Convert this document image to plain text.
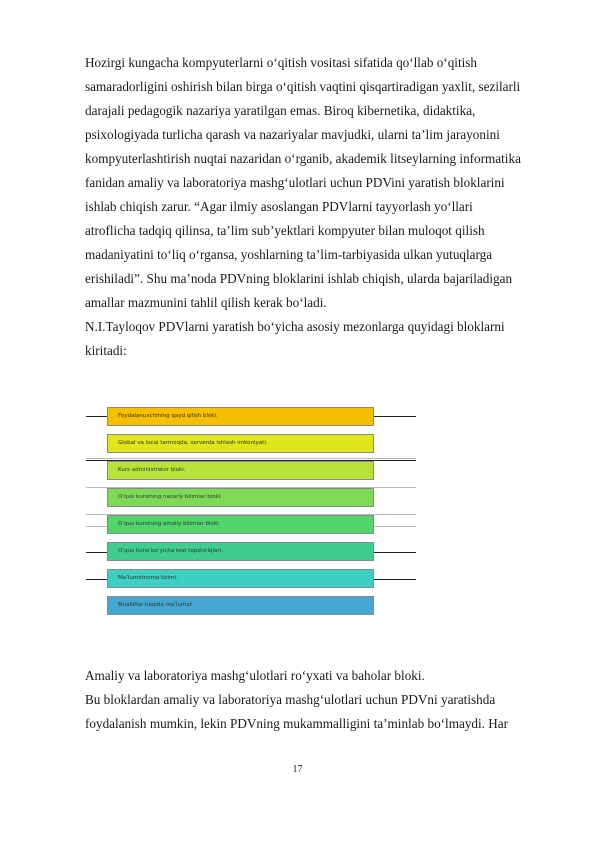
Hozirgi kungacha kompyuterlarni o‘qitish vositasi sifatida qo‘llab o‘qitish
samaradorligini oshirish bilan birga o‘qitish vaqtini qisqartiradigan yaxlit, sezilarli
darajali pedagogik nazariya yaratilgan emas. Biroq kibernetika, didaktika,
psixologiyada turlicha qarash va nazariyalar mavjudki, ularni ta’lim jarayonini
kompyuterlashtirish nuqtai nazaridan o‘rganib, akademik litseylarning informatika
fanidan amaliy va laboratoriya mashg‘ulotlari uchun PDVini yaratish bloklarini
ishlab chiqish zarur. “Agar ilmiy asoslangan PDVlarni tayyorlash yo‘llari
atroflicha tadqiq qilinsa, ta’lim sub’yektlari kompyuter bilan muloqot qilish
madaniyatini to‘liq o‘rgansa, yoshlarning ta’lim-tarbiyasida ulkan yutuqlarga
erishiladi”. Shu ma’noda PDVning bloklarini ishlab chiqish, ularda bajariladigan
amallar mazmunini tahlil qilish kerak bo‘ladi.
N.I.Tayloqov PDVlarni yaratish bo‘yicha asosiy mezonlarga quyidagi bloklarni
kiritadi:
Foydalanuvchining qayd qilish bloki.
Global va local tarmoqda, serverda ishlash imkoniyati.
Kurs administrator bloki.
O‘quv kursining nazariy bilimlar bloki.
O‘quv kursining amaliy bilimlar bloki.
O‘quv kursi bo‘yicha test topshiriqlari.
Ma’lumotnoma tizimi.
Mualliflar haqida ma’lumot.
Amaliy va laboratoriya mashg‘ulotlari ro‘yxati va baholar bloki.
Bu bloklardan amaliy va laboratoriya mashg‘ulotlari uchun PDVni yaratishda
foydalanish mumkin, lekin PDVning mukammalligini ta’minlab bo‘lmaydi. Har
17
